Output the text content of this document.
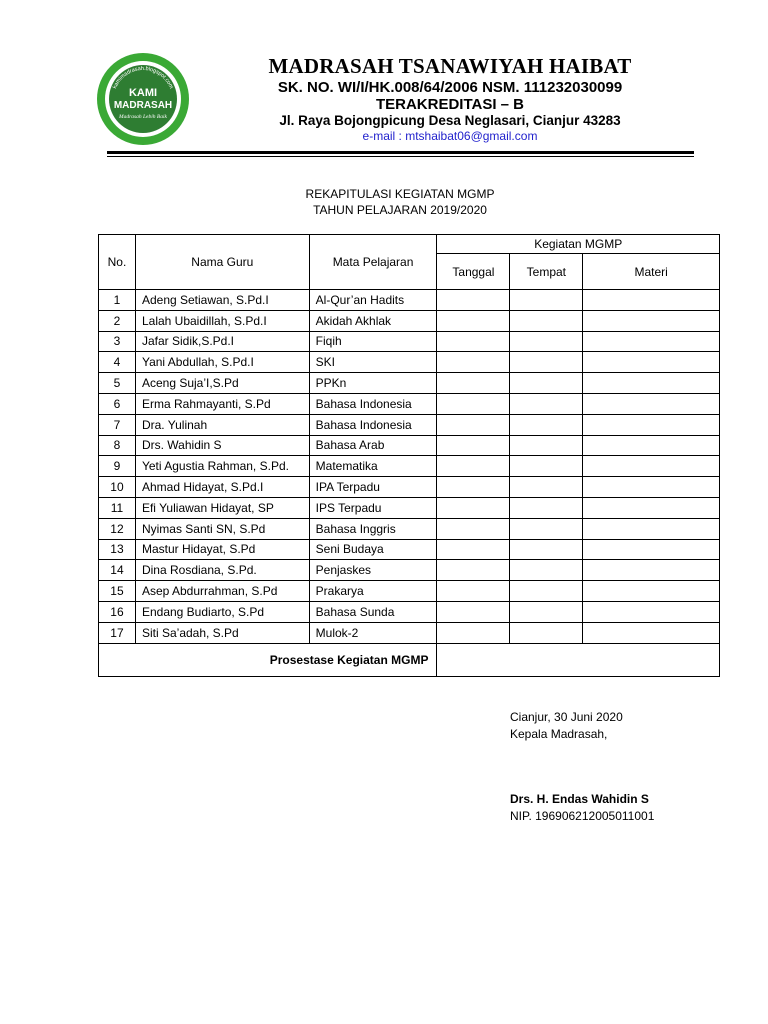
kamimadrasah.blogspot.com
KAMI
MADRASAH
Madrasah Lebih Baik
MADRASAH TSANAWIYAH HAIBAT
SK. NO. WI/I/HK.008/64/2006 NSM. 111232030099
TERAKREDITASI – B
Jl. Raya Bojongpicung Desa Neglasari, Cianjur 43283
e-mail : mtshaibat06@gmail.com
REKAPITULASI KEGIATAN MGMP
TAHUN PELAJARAN 2019/2020
No.	Nama Guru	Mata Pelajaran	Kegiatan MGMP		
			Tanggal	Tempat	Materi
1	Adeng Setiawan, S.Pd.I	Al-Qur’an Hadits			
2	Lalah Ubaidillah, S.Pd.I	Akidah Akhlak			
3	Jafar Sidik,S.Pd.I	Fiqih			
4	Yani Abdullah, S.Pd.I	SKI			
5	Aceng Suja’I,S.Pd	PPKn			
6	Erma Rahmayanti, S.Pd	Bahasa Indonesia			
7	Dra. Yulinah	Bahasa Indonesia			
8	Drs. Wahidin S	Bahasa Arab			
9	Yeti Agustia Rahman, S.Pd.	Matematika			
10	Ahmad Hidayat, S.Pd.I	IPA Terpadu			
11	Efi Yuliawan Hidayat, SP	IPS Terpadu			
12	Nyimas Santi SN, S.Pd	Bahasa Inggris			
13	Mastur Hidayat, S.Pd	Seni Budaya			
14	Dina Rosdiana, S.Pd.	Penjaskes			
15	Asep Abdurrahman, S.Pd	Prakarya			
16	Endang Budiarto, S.Pd	Bahasa Sunda			
17	Siti Sa’adah, S.Pd	Mulok-2			
Prosestase Kegiatan MGMP					
Cianjur, 30 Juni 2020
Kepala Madrasah,
Drs. H. Endas Wahidin S
NIP. 196906212005011001
